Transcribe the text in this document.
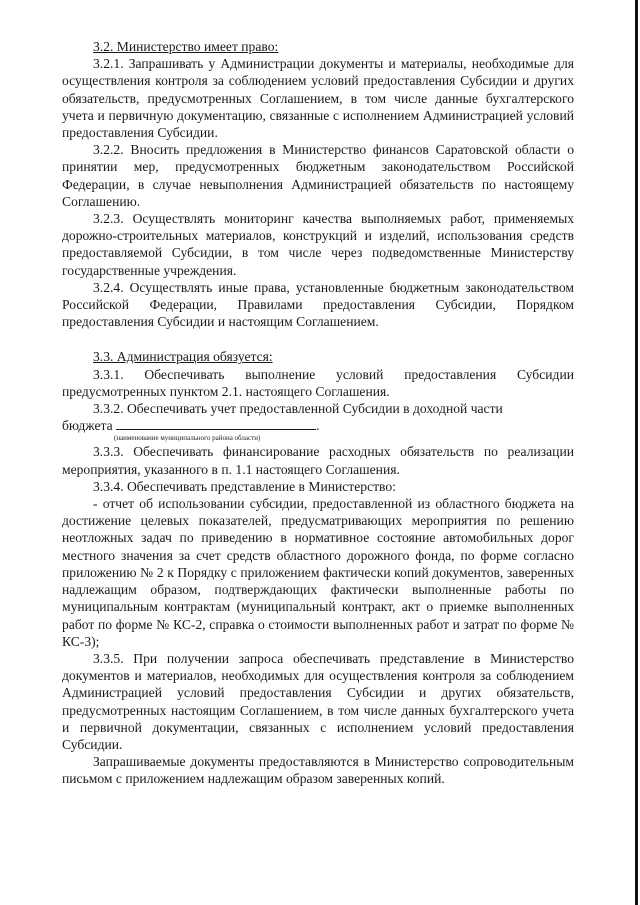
3.2. Министерство имеет право:

3.2.1. Запрашивать у Администрации документы и материалы, необходимые для осуществления контроля за соблюдением условий предоставления Субсидии и других обязательств, предусмотренных Соглашением, в том числе данные бухгалтерского учета и первичную документацию, связанные с исполнением Администрацией условий предоставления Субсидии.

3.2.2. Вносить предложения в Министерство финансов Саратовской области о принятии мер, предусмотренных бюджетным законодательством Российской Федерации, в случае невыполнения Администрацией обязательств по настоящему Соглашению.

3.2.3. Осуществлять мониторинг качества выполняемых работ, применяемых дорожно-строительных материалов, конструкций и изделий, использования средств предоставляемой Субсидии, в том числе через подведомственные Министерству государственные учреждения.

3.2.4. Осуществлять иные права, установленные бюджетным законодательством Российской Федерации, Правилами предоставления Субсидии, Порядком предоставления Субсидии и настоящим Соглашением.

3.3. Администрация обязуется:

3.3.1. Обеспечивать выполнение условий предоставления Субсидии предусмотренных пунктом 2.1. настоящего Соглашения.

3.3.2. Обеспечивать учет предоставленной Субсидии в доходной части

бюджета	.
(наименование муниципального района области)

3.3.3. Обеспечивать финансирование расходных обязательств по реализации мероприятия, указанного в п. 1.1 настоящего Соглашения.

3.3.4. Обеспечивать представление в Министерство:

- отчет об использовании субсидии, предоставленной из областного бюджета на достижение целевых показателей, предусматривающих мероприятия по решению неотложных задач по приведению в нормативное состояние автомобильных дорог местного значения за счет средств областного дорожного фонда, по форме согласно приложению № 2 к Порядку с приложением фактически копий документов, заверенных надлежащим образом, подтверждающих фактически выполненные работы по муниципальным контрактам (муниципальный контракт, акт о приемке выполненных работ по форме № КС-2, справка о стоимости выполненных работ и затрат по форме № КС-3);

3.3.5. При получении запроса обеспечивать представление в Министерство документов и материалов, необходимых для осуществления контроля за соблюдением Администрацией условий предоставления Субсидии и других обязательств, предусмотренных настоящим Соглашением, в том числе данных бухгалтерского учета и первичной документации, связанных с исполнением условий предоставления Субсидии.

Запрашиваемые документы предоставляются в Министерство сопроводительным письмом с приложением надлежащим образом заверенных копий.
